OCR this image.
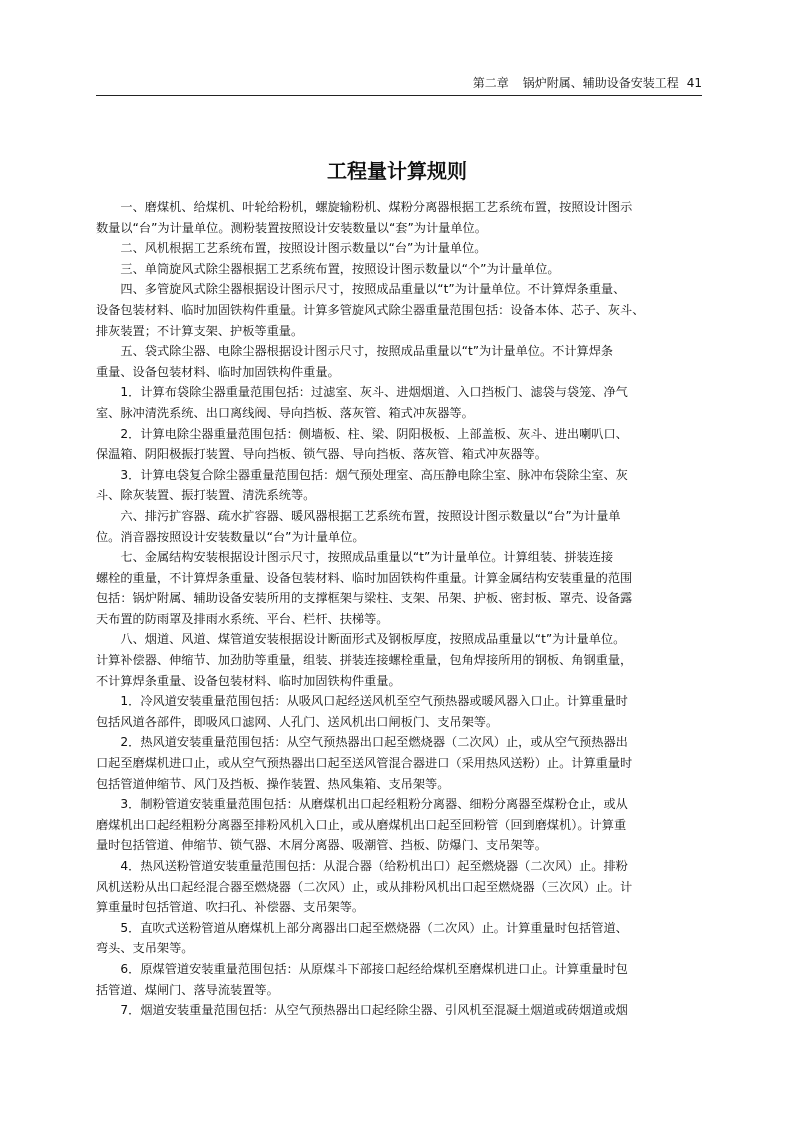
第二章 锅炉附属、辅助设备安装工程 41
工程量计算规则

一、磨煤机、给煤机、叶轮给粉机，螺旋输粉机、煤粉分离器根据工艺系统布置，按照设计图示
数量以“台”为计量单位。测粉装置按照设计安装数量以“套”为计量单位。

二、风机根据工艺系统布置，按照设计图示数量以“台”为计量单位。

三、单筒旋风式除尘器根据工艺系统布置，按照设计图示数量以“个”为计量单位。

四、多管旋风式除尘器根据设计图示尺寸，按照成品重量以“t”为计量单位。不计算焊条重量、
设备包装材料、临时加固铁构件重量。计算多管旋风式除尘器重量范围包括：设备本体、芯子、灰斗、
排灰装置；不计算支架、护板等重量。

五、袋式除尘器、电除尘器根据设计图示尺寸，按照成品重量以“t”为计量单位。不计算焊条
重量、设备包装材料、临时加固铁构件重量。

1．计算布袋除尘器重量范围包括：过滤室、灰斗、进烟烟道、入口挡板门、滤袋与袋笼、净气
室、脉冲清洗系统、出口离线阀、导向挡板、落灰管、箱式冲灰器等。

2．计算电除尘器重量范围包括：侧墙板、柱、梁、阴阳极板、上部盖板、灰斗、进出喇叭口、
保温箱、阴阳极振打装置、导向挡板、锁气器、导向挡板、落灰管、箱式冲灰器等。

3．计算电袋复合除尘器重量范围包括：烟气预处理室、高压静电除尘室、脉冲布袋除尘室、灰
斗、除灰装置、振打装置、清洗系统等。

六、排污扩容器、疏水扩容器、暖风器根据工艺系统布置，按照设计图示数量以“台”为计量单
位。消音器按照设计安装数量以“台”为计量单位。

七、金属结构安装根据设计图示尺寸，按照成品重量以“t”为计量单位。计算组装、拼装连接
螺栓的重量，不计算焊条重量、设备包装材料、临时加固铁构件重量。计算金属结构安装重量的范围
包括：锅炉附属、辅助设备安装所用的支撑框架与梁柱、支架、吊架、护板、密封板、罩壳、设备露
天布置的防雨罩及排雨水系统、平台、栏杆、扶梯等。

八、烟道、风道、煤管道安装根据设计断面形式及钢板厚度，按照成品重量以“t”为计量单位。
计算补偿器、伸缩节、加劲肋等重量，组装、拼装连接螺栓重量，包角焊接所用的钢板、角钢重量，
不计算焊条重量、设备包装材料、临时加固铁构件重量。

1．冷风道安装重量范围包括：从吸风口起经送风机至空气预热器或暖风器入口止。计算重量时
包括风道各部件，即吸风口滤网、人孔门、送风机出口闸板门、支吊架等。

2．热风道安装重量范围包括：从空气预热器出口起至燃烧器（二次风）止，或从空气预热器出
口起至磨煤机进口止，或从空气预热器出口起至送风管混合器进口（采用热风送粉）止。计算重量时
包括管道伸缩节、风门及挡板、操作装置、热风集箱、支吊架等。

3．制粉管道安装重量范围包括：从磨煤机出口起经粗粉分离器、细粉分离器至煤粉仓止，或从
磨煤机出口起经粗粉分离器至排粉风机入口止，或从磨煤机出口起至回粉管（回到磨煤机）。计算重
量时包括管道、伸缩节、锁气器、木屑分离器、吸潮管、挡板、防爆门、支吊架等。

4．热风送粉管道安装重量范围包括：从混合器（给粉机出口）起至燃烧器（二次风）止。排粉
风机送粉从出口起经混合器至燃烧器（二次风）止，或从排粉风机出口起至燃烧器（三次风）止。计
算重量时包括管道、吹扫孔、补偿器、支吊架等。

5．直吹式送粉管道从磨煤机上部分离器出口起至燃烧器（二次风）止。计算重量时包括管道、
弯头、支吊架等。

6．原煤管道安装重量范围包括：从原煤斗下部接口起经给煤机至磨煤机进口止。计算重量时包
括管道、煤闸门、落导流装置等。

7．烟道安装重量范围包括：从空气预热器出口起经除尘器、引风机至混凝土烟道或砖烟道或烟
